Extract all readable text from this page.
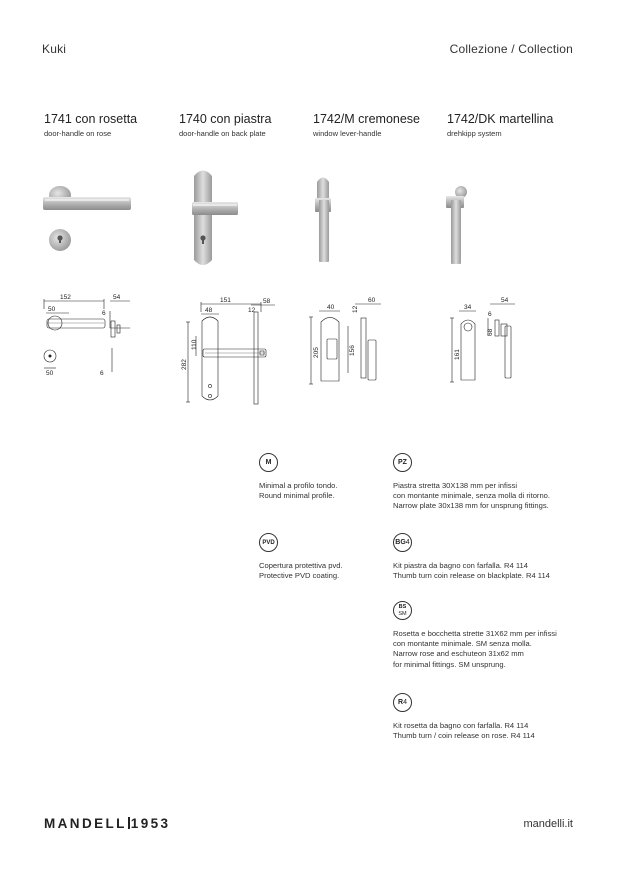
Kuki	Collezione / Collection
1741 con rosetta
door-handle on rose
1740 con piastra
door-handle on back plate
1742/M cremonese
window lever-handle
1742/DK martellina
drehkipp system
152	54
50
6
50	6
151
48
58
12
282
110
40	12
60
205	156
34
6
54
161
68
M
Minimal a profilo tondo.
Round minimal profile.
PZ
Piastra stretta 30X138 mm per infissi
con montante minimale, senza molla di ritorno.
Narrow plate 30x138 mm for unsprung fittings.
PVD
Copertura protettiva pvd.
Protective PVD coating.
BG 4
Kit piastra da bagno con farfalla. R4 114
Thumb turn coin release on blackplate. R4 114
BS
SM
Rosetta e bocchetta strette 31X62 mm per infissi
con montante minimale. SM senza molla.
Narrow rose and eschuteon 31x62 mm
for minimal fittings. SM unsprung.
R 4
Kit rosetta da bagno con farfalla. R4 114
Thumb turn / coin release on rose. R4 114
MANDELL 1953	mandelli.it
